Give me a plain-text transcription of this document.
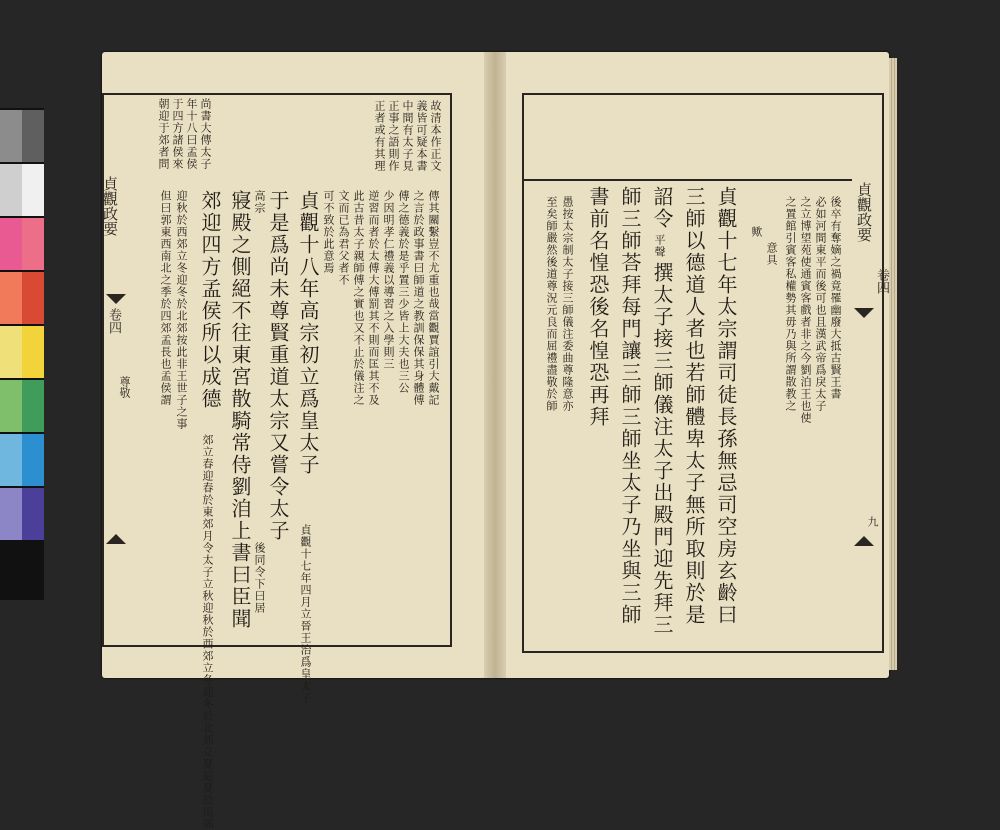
故清本作正文
義皆可疑本書
中間有太子見
正事之語則作
正者或有其理
尚書大傳太子
年十八曰孟侯
于四方諸侯來
朝迎于郊者問
傳其關繫豈不尤重也哉當觀賈誼引大戴記
之言於政事書曰師道之教訓保保其身體傅
傅之德義於是乎置三少皆上大夫也三公
少因明孝仁禮義以導習之入學則三
逆習而者於太傅大傅罰其不則而匡其不及
此古昔太子親師傅之實也又不止於儀注之
文而已為君父者不
可不致於此意焉
貞觀十八年高宗初立爲皇太子
貞觀十七年四月立晉王治爲皇太子
于是爲尚未尊賢重道太宗又嘗令太子
高宗
後同令下曰居
寢殿之側絕不往東宮散騎常侍劉洎上書曰臣聞
郊迎四方孟侯所以成德
郊立春迎春於東郊月令太子立秋迎秋於西郊立冬迎冬於北郊立夏迎夏於南郊
迎秋於西郊立冬迎冬於北郊按此非王世子之事
但曰郭東西南北之季於四郊孟長也孟侯謂
貞觀政要
卷四
尊敬	後卒有奪嫡之禍竟罹幽廢大抵古賢王書
必如河間東平而後可也且漢武帝爲戾太子
之立博望苑使通賓客戲者非之今劉泊王也使
之置館引賓客私權勢其毋乃與所謂散教之
意具
歟
貞觀十七年太宗謂司徒長孫無忌司空房玄齡曰
三師以德道人者也若師體卑太子無所取則於是
詔令
平聲
撰太子接三師儀注太子出殿門迎先拜三
師三師荅拜每門讓三師三師坐太子乃坐與三師
書前名惶恐後名惶恐再拜
愚按太宗制太子接三師儀注委曲尊隆意亦
至矣師嚴然後道尊況元良而屈禮盡敬於師	貞觀政要
卷四
九
